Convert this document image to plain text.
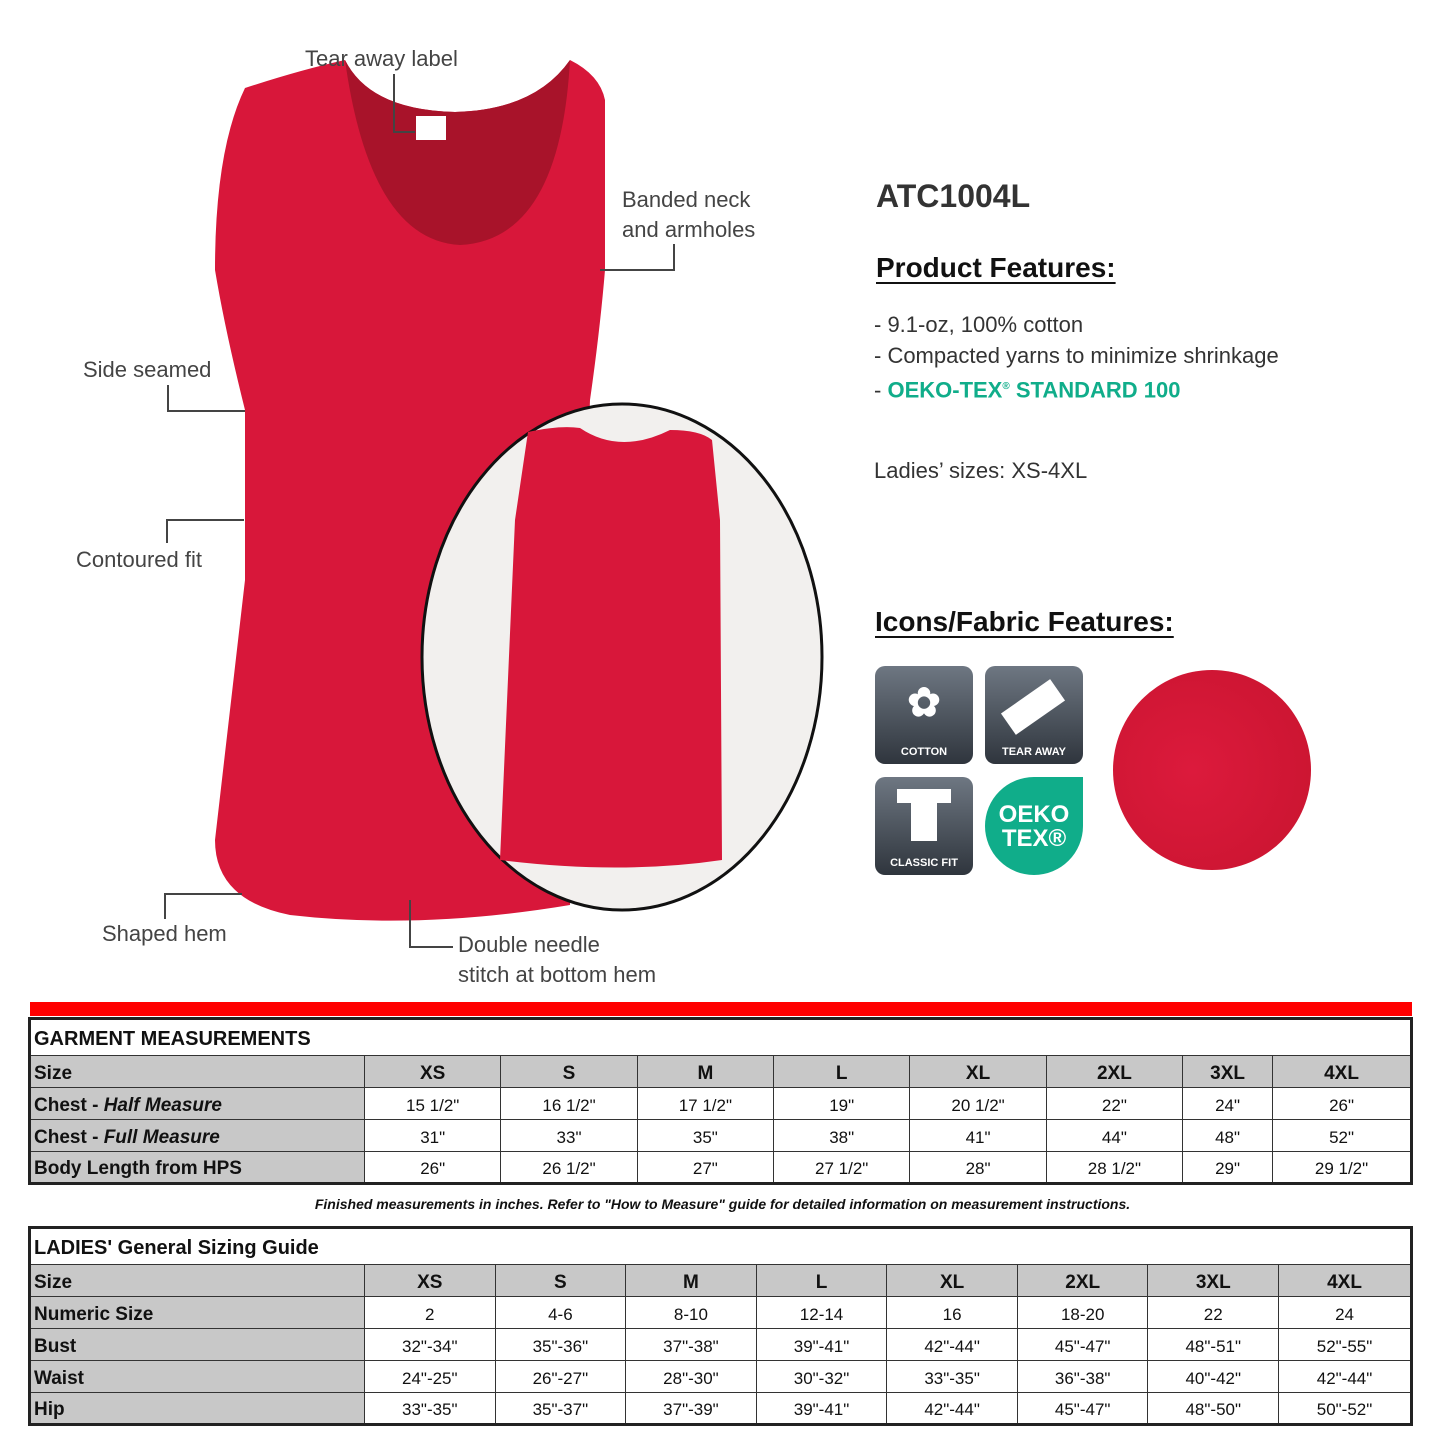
Tear away label
Banded neck
and armholes
Side seamed
Contoured fit
Shaped hem	Double needle
stitch at bottom hem
ATC1004L
Product Features:
- 9.1-oz, 100% cotton
- Compacted yarns to minimize shrinkage
- OEKO-TEX® STANDARD 100
Ladies’ sizes: XS-4XL
Icons/Fabric Features:
✿
COTTON	TEAR AWAY
CLASSIC FIT
OEKO
TEX®
GARMENT MEASUREMENTS								
Size	XS	S	M	L	XL	2XL	3XL	4XL
Chest - Half Measure	15 1/2"	16 1/2"	17 1/2"	19"	20 1/2"	22"	24"	26"
Chest - Full Measure	31"	33"	35"	38"	41"	44"	48"	52"
Body Length from HPS	26"	26 1/2"	27"	27 1/2"	28"	28 1/2"	29"	29 1/2"
Finished measurements in inches. Refer to "How to Measure" guide for detailed information on measurement instructions.
LADIES' General Sizing Guide								
Size	XS	S	M	L	XL	2XL	3XL	4XL
Numeric Size	2	4-6	8-10	12-14	16	18-20	22	24
Bust	32"-34"	35"-36"	37"-38"	39"-41"	42"-44"	45"-47"	48"-51"	52"-55"
Waist	24"-25"	26"-27"	28"-30"	30"-32"	33"-35"	36"-38"	40"-42"	42"-44"
Hip	33"-35"	35"-37"	37"-39"	39"-41"	42"-44"	45"-47"	48"-50"	50"-52"
